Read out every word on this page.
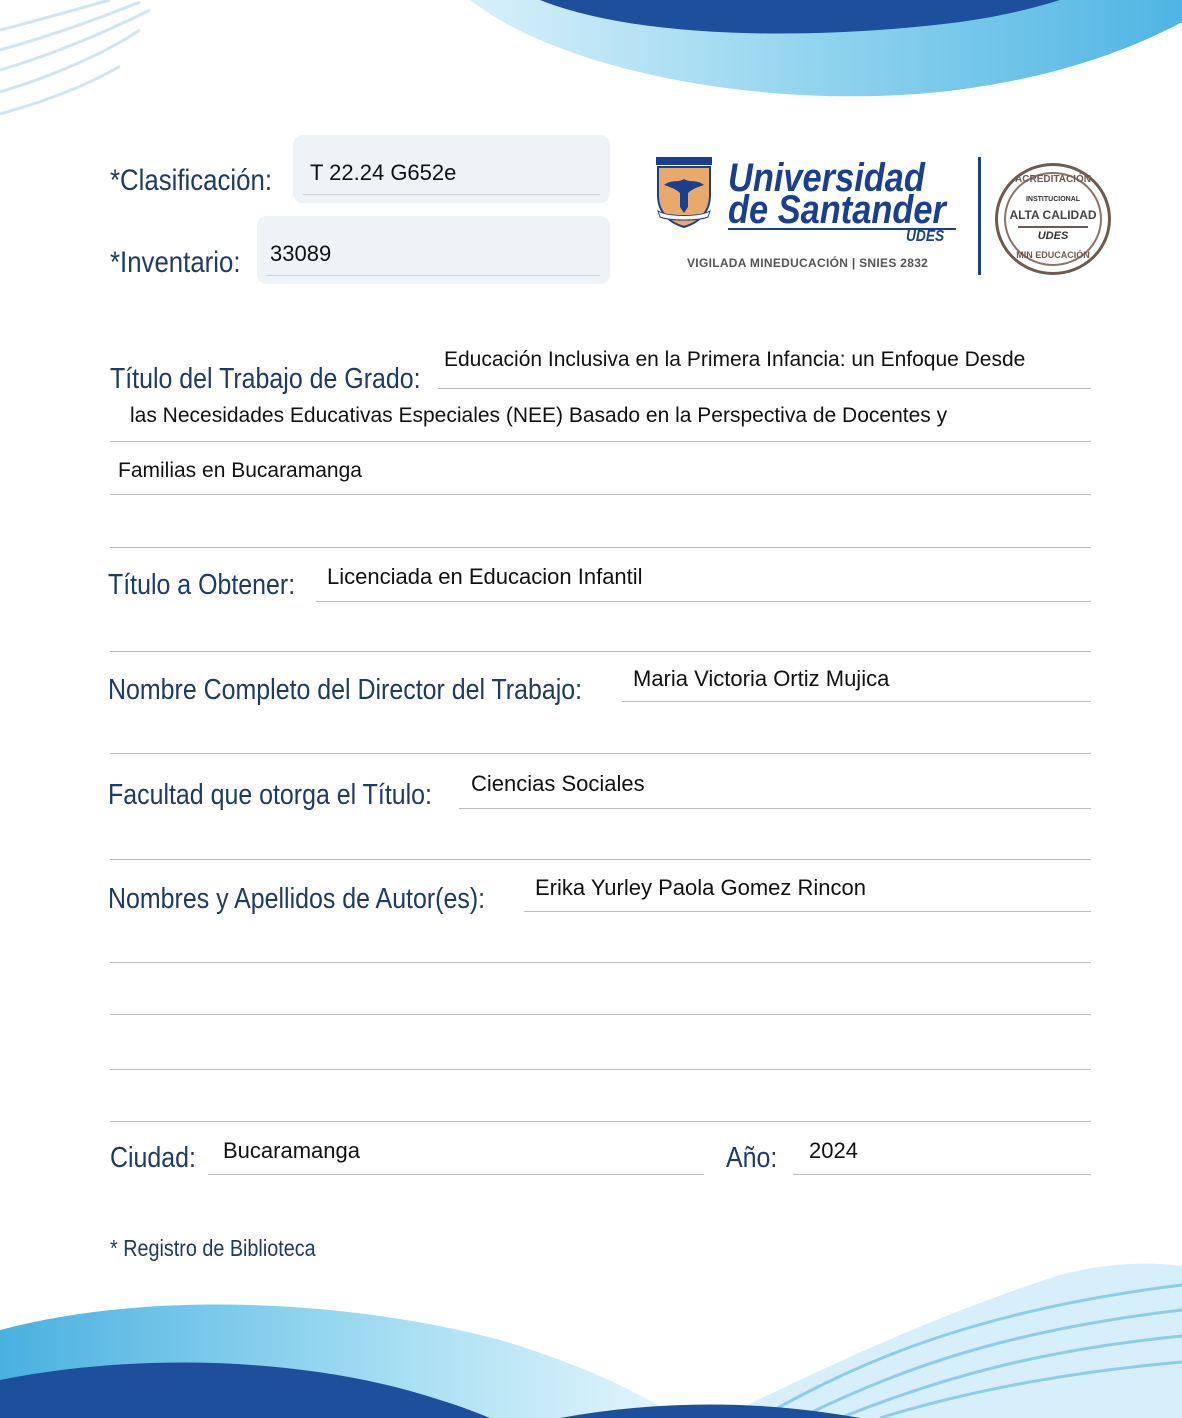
*Clasificación: T 22.24 G652e
*Inventario: 33089
Universidad
de Santander
UDES
VIGILADA MINEDUCACIÓN | SNIES 2832
ACREDITACIÓN
INSTITUCIONAL
ALTA CALIDAD
UDES
MIN EDUCACIÓN
Título del Trabajo de Grado:
Educación Inclusiva en la Primera Infancia: un Enfoque Desde
las Necesidades Educativas Especiales (NEE) Basado en la Perspectiva de Docentes y
Familias en Bucaramanga
Título a Obtener: Licenciada en Educacion Infantil
Nombre Completo del Director del Trabajo: Maria Victoria Ortiz Mujica
Facultad que otorga el Título: Ciencias Sociales
Nombres y Apellidos de Autor(es): Erika Yurley Paola Gomez Rincon
Ciudad: Bucaramanga	Año: 2024
* Registro de Biblioteca
